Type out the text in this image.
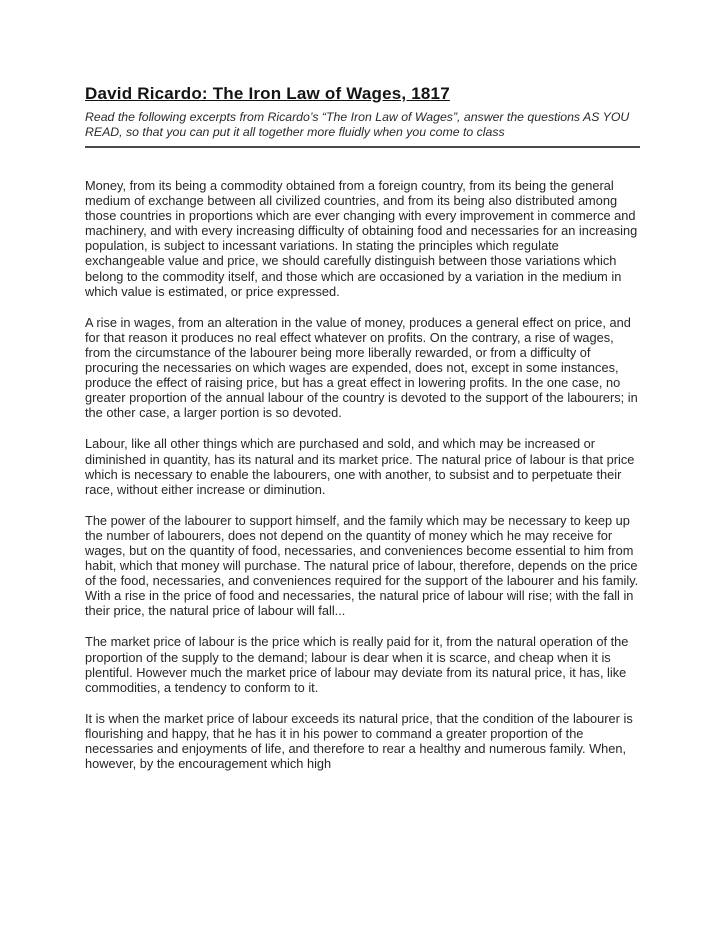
David Ricardo: The Iron Law of Wages, 1817

Read the following excerpts from Ricardo’s “The Iron Law of Wages”, answer the questions AS YOU READ, so that you can put it all together more fluidly when you come to class

Money, from its being a commodity obtained from a foreign country, from its being the general medium of exchange between all civilized countries, and from its being also distributed among those countries in proportions which are ever changing with every improvement in commerce and machinery, and with every increasing difficulty of obtaining food and necessaries for an increasing population, is subject to incessant variations. In stating the principles which regulate exchangeable value and price, we should carefully distinguish between those variations which belong to the commodity itself, and those which are occasioned by a variation in the medium in which value is estimated, or price expressed.

A rise in wages, from an alteration in the value of money, produces a general effect on price, and for that reason it produces no real effect whatever on profits. On the contrary, a rise of wages, from the circumstance of the labourer being more liberally rewarded, or from a difficulty of procuring the necessaries on which wages are expended, does not, except in some instances, produce the effect of raising price, but has a great effect in lowering profits. In the one case, no greater proportion of the annual labour of the country is devoted to the support of the labourers; in the other case, a larger portion is so devoted.

Labour, like all other things which are purchased and sold, and which may be increased or diminished in quantity, has its natural and its market price. The natural price of labour is that price which is necessary to enable the labourers, one with another, to subsist and to perpetuate their race, without either increase or diminution.

The power of the labourer to support himself, and the family which may be necessary to keep up the number of labourers, does not depend on the quantity of money which he may receive for wages, but on the quantity of food, necessaries, and conveniences become essential to him from habit, which that money will purchase. The natural price of labour, therefore, depends on the price of the food, necessaries, and conveniences required for the support of the labourer and his family. With a rise in the price of food and necessaries, the natural price of labour will rise; with the fall in their price, the natural price of labour will fall...

The market price of labour is the price which is really paid for it, from the natural operation of the proportion of the supply to the demand; labour is dear when it is scarce, and cheap when it is plentiful. However much the market price of labour may deviate from its natural price, it has, like commodities, a tendency to conform to it.

It is when the market price of labour exceeds its natural price, that the condition of the labourer is flourishing and happy, that he has it in his power to command a greater proportion of the necessaries and enjoyments of life, and therefore to rear a healthy and numerous family. When, however, by the encouragement which high
